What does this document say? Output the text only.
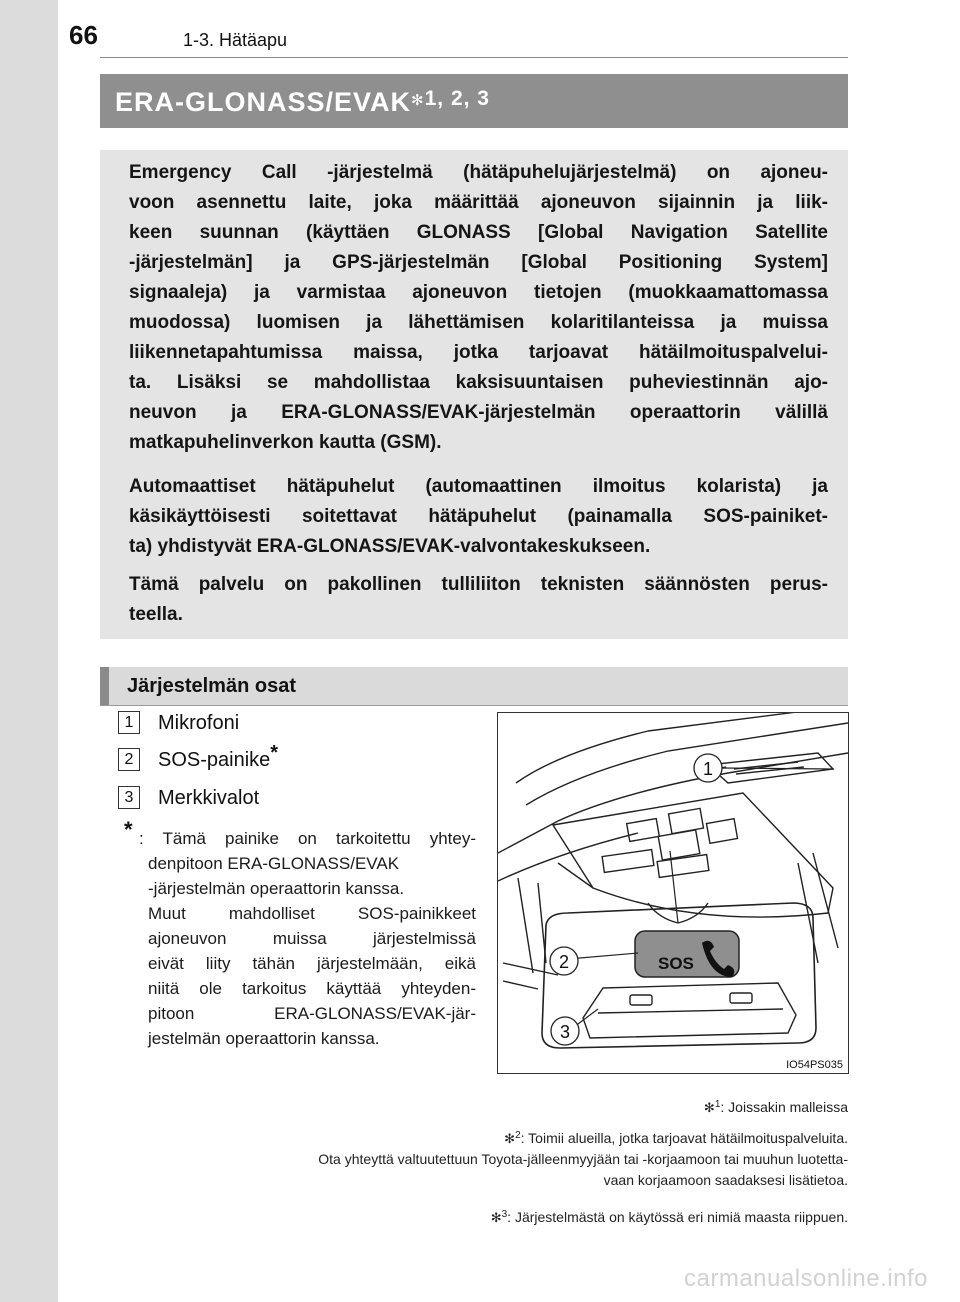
66	1-3. Hätäapu
ERA-$GLONASS/EVAK^{✻1, 2, 3}$

Emergency Call -järjestelmä (hätäpuhelujärjestelmä) on ajoneu-
voon asennettu laite, joka määrittää ajoneuvon sijainnin ja liik-
keen suunnan (käyttäen GLONASS [Global Navigation Satellite
-järjestelmän] ja GPS-järjestelmän [Global Positioning System]
signaaleja) ja varmistaa ajoneuvon tietojen (muokkaamattomassa
muodossa) luomisen ja lähettämisen kolaritilanteissa ja muissa
liikennetapahtumissa maissa, jotka tarjoavat hätäilmoituspalvelui-
ta. Lisäksi se mahdollistaa kaksisuuntaisen puheviestinnän ajo-
neuvon ja ERA-GLONASS/EVAK-järjestelmän operaattorin välillä
matkapuhelinverkon kautta (GSM).

Automaattiset hätäpuhelut (automaattinen ilmoitus kolarista) ja
käsikäyttöisesti soitettavat hätäpuhelut (painamalla SOS-painiket-
ta) yhdistyvät ERA-GLONASS/EVAK-valvontakeskukseen.

Tämä palvelu on pakollinen tulliliiton teknisten säännösten perus-
teella.

Järjestelmän osat
1 Mikrofoni
2 SOS-painike*
3 Merkkivalot
* : Tämä painike on tarkoitettu yhtey-
denpitoon ERA-GLONASS/EVAK
-järjestelmän operaattorin kanssa.
Muut mahdolliset SOS-painikkeet
ajoneuvon muissa järjestelmissä
eivät liity tähän järjestelmään, eikä
niitä ole tarkoitus käyttää yhteyden-
pitoon ERA-GLONASS/EVAK-jär-
jestelmän operaattorin kanssa.
SOS
1
2
3
IO54PS035
✻$^1$: Joissakin malleissa
✻$^2$: Toimii alueilla, jotka tarjoavat hätäilmoituspalveluita.
Ota yhteyttä valtuutettuun Toyota-jälleenmyyjään tai -korjaamoon tai muuhun luotetta-
vaan korjaamoon saadaksesi lisätietoa.
✻$^3$: Järjestelmästä on käytössä eri nimiä maasta riippuen.
carmanualsonline.info
